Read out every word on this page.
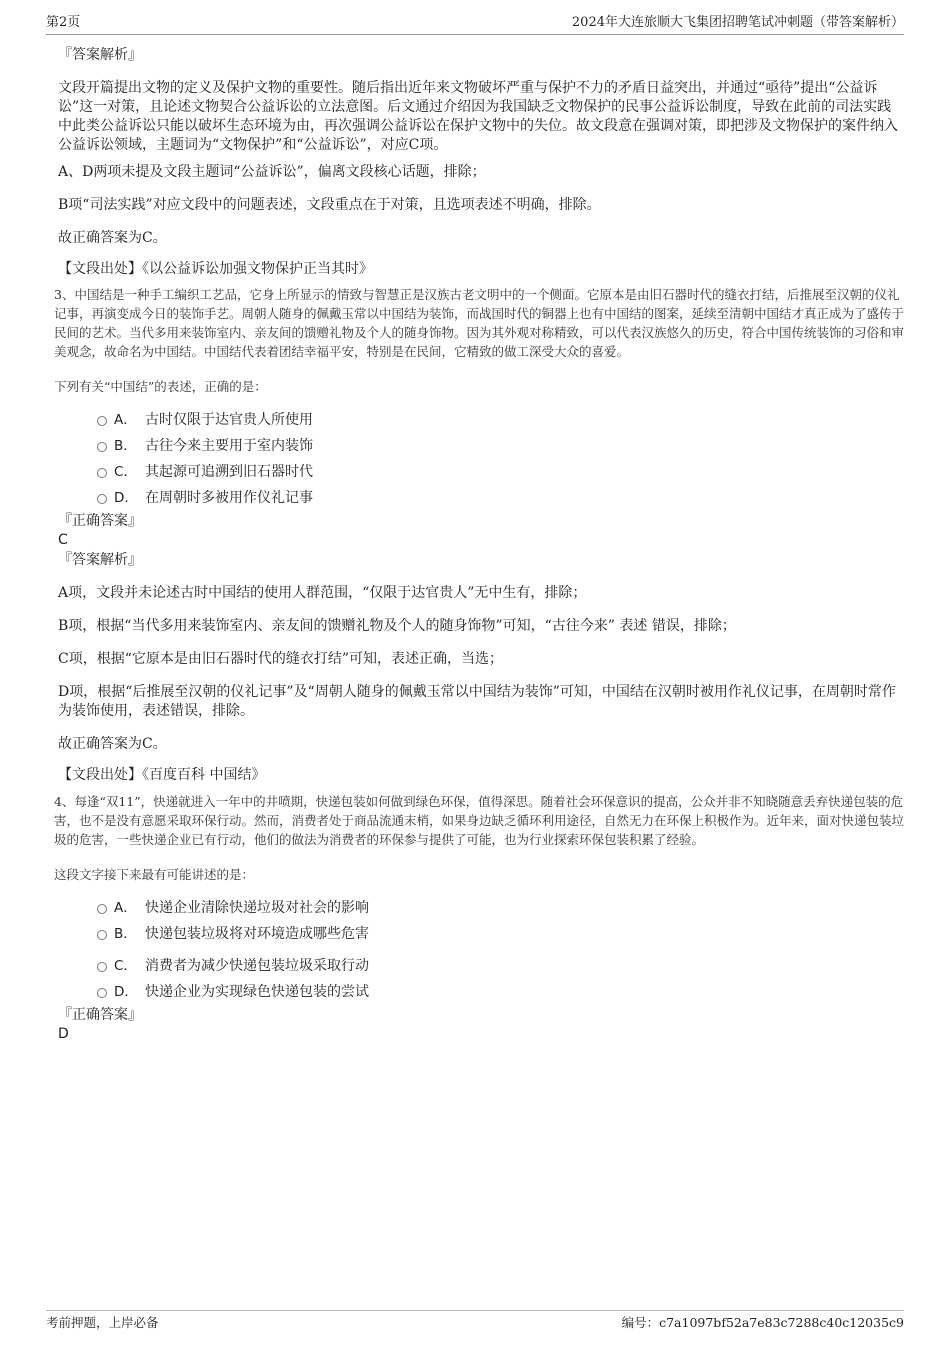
第2页	2024年大连旅顺大飞集团招聘笔试冲刺题（带答案解析）
『答案解析』

文段开篇提出文物的定义及保护文物的重要性。随后指出近年来文物破坏严重与保护不力的矛盾日益突出，并通过“亟待”提出“公益诉讼”这一对策，且论述文物契合公益诉讼的立法意图。后文通过介绍因为我国缺乏文物保护的民事公益诉讼制度，导致在此前的司法实践中此类公益诉讼只能以破坏生态环境为由，再次强调公益诉讼在保护文物中的失位。故文段意在强调对策，即把涉及文物保护的案件纳入公益诉讼领域，主题词为“文物保护”和“公益诉讼”，对应C项。

A、D两项未提及文段主题词“公益诉讼”，偏离文段核心话题，排除；

B项“司法实践”对应文段中的问题表述，文段重点在于对策，且选项表述不明确，排除。

故正确答案为C。

【文段出处】《以公益诉讼加强文物保护正当其时》

3、中国结是一种手工编织工艺品，它身上所显示的情致与智慧正是汉族古老文明中的一个侧面。它原本是由旧石器时代的缝衣打结，后推展至汉朝的仪礼记事，再演变成今日的装饰手艺。周朝人随身的佩戴玉常以中国结为装饰，而战国时代的铜器上也有中国结的图案，延续至清朝中国结才真正成为了盛传于民间的艺术。当代多用来装饰室内、亲友间的馈赠礼物及个人的随身饰物。因为其外观对称精致，可以代表汉族悠久的历史，符合中国传统装饰的习俗和审美观念，故命名为中国结。中国结代表着团结幸福平安，特别是在民间，它精致的做工深受大众的喜爱。

下列有关“中国结”的表述，正确的是：

A． 古时仅限于达官贵人所使用
B． 古往今来主要用于室内装饰
C． 其起源可追溯到旧石器时代
D． 在周朝时多被用作仪礼记事
『正确答案』
C
『答案解析』

A项，文段并未论述古时中国结的使用人群范围，“仅限于达官贵人”无中生有，排除；

B项，根据“当代多用来装饰室内、亲友间的馈赠礼物及个人的随身饰物”可知，“古往今来” 表述 错误，排除；

C项，根据“它原本是由旧石器时代的缝衣打结”可知，表述正确，当选；

D项，根据“后推展至汉朝的仪礼记事”及“周朝人随身的佩戴玉常以中国结为装饰”可知，中国结在汉朝时被用作礼仪记事，在周朝时常作为装饰使用，表述错误，排除。

故正确答案为C。

【文段出处】《百度百科 中国结》

4、每逢“双11”，快递就进入一年中的井喷期，快递包装如何做到绿色环保，值得深思。随着社会环保意识的提高，公众并非不知晓随意丢弃快递包装的危害，也不是没有意愿采取环保行动。然而，消费者处于商品流通末梢，如果身边缺乏循环利用途径，自然无力在环保上积极作为。近年来，面对快递包装垃圾的危害，一些快递企业已有行动，他们的做法为消费者的环保参与提供了可能，也为行业探索环保包装积累了经验。

这段文字接下来最有可能讲述的是：

A． 快递企业清除快递垃圾对社会的影响
B． 快递包装垃圾将对环境造成哪些危害
C． 消费者为减少快递包装垃圾采取行动
D． 快递企业为实现绿色快递包装的尝试
『正确答案』
D
考前押题，上岸必备	编号：c7a1097bf52a7e83c7288c40c12035c9
